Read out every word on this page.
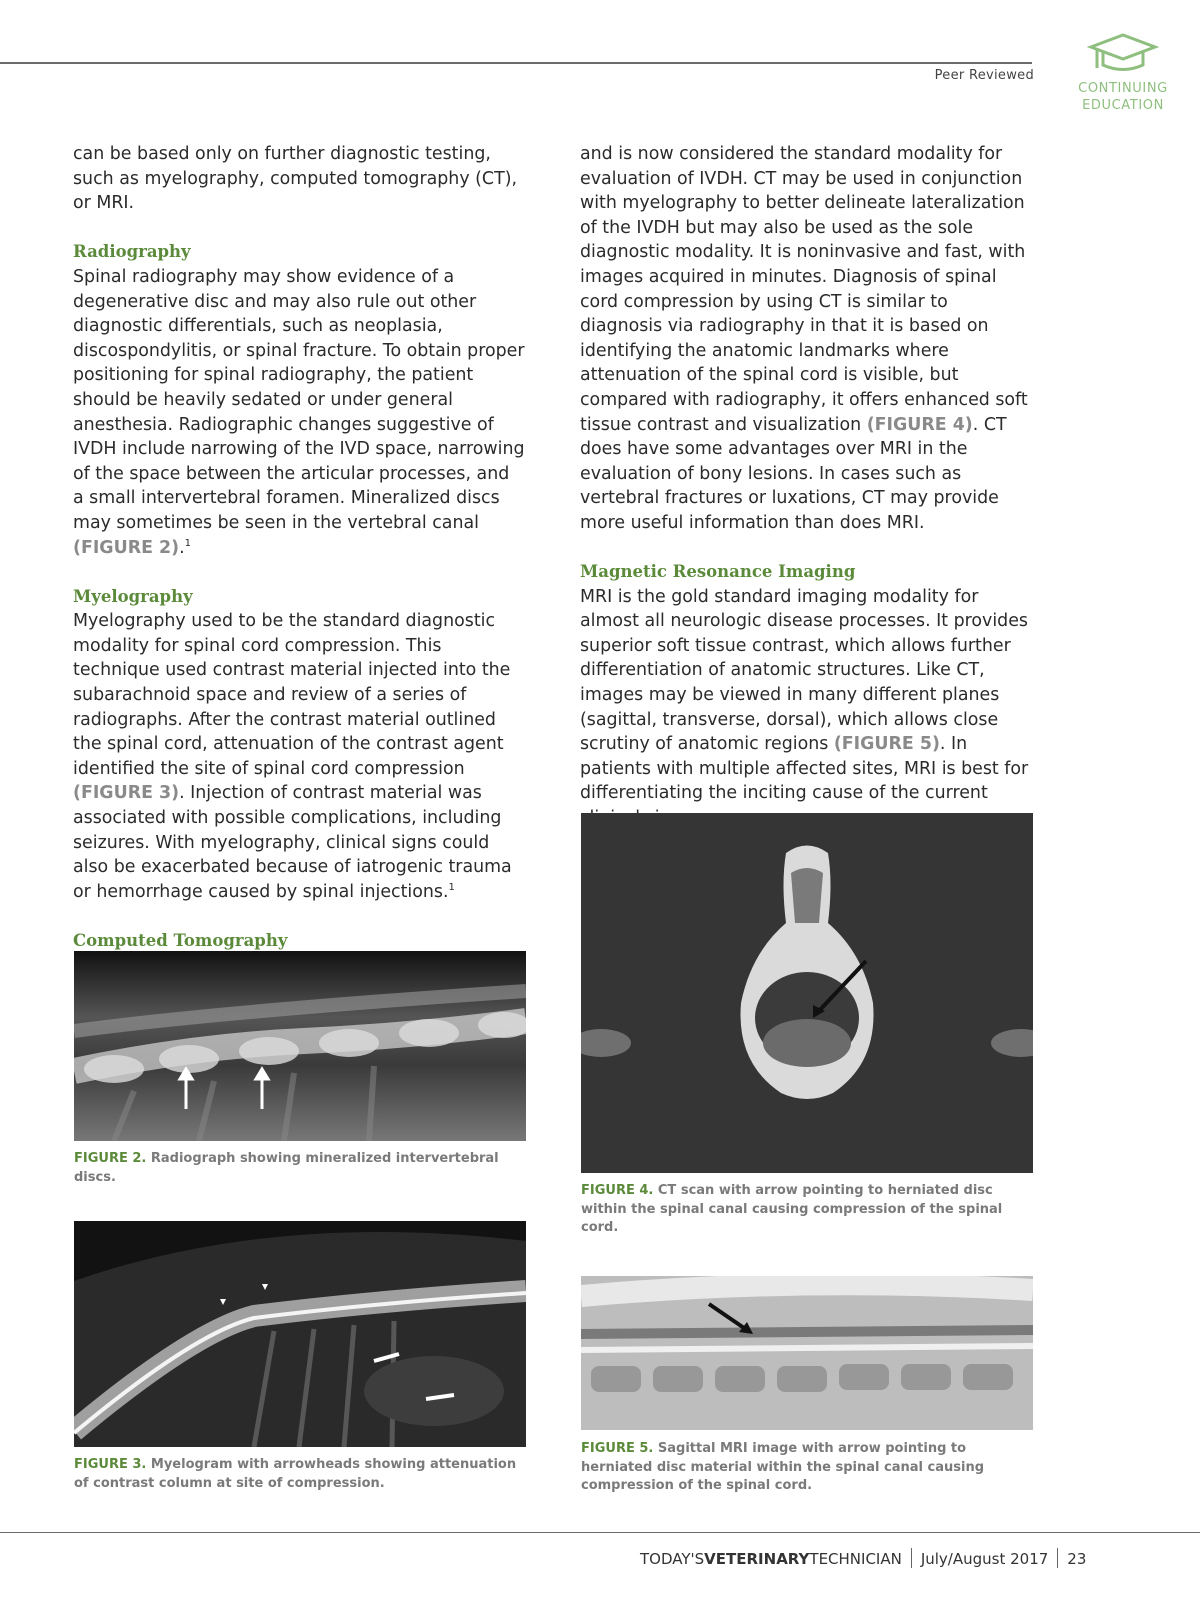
Peer Reviewed
CONTINUING
EDUCATION

can be based only on further diagnostic testing, such as myelography, computed tomography (CT), or MRI.

Radiography

Spinal radiography may show evidence of a degenerative disc and may also rule out other diagnostic differentials, such as neoplasia, discospondylitis, or spinal fracture. To obtain proper positioning for spinal radiography, the patient should be heavily sedated or under general anesthesia. Radiographic changes suggestive of IVDH include narrowing of the IVD space, narrowing of the space between the articular processes, and a small intervertebral foramen. Mineralized discs may sometimes be seen in the vertebral canal (FIGURE 2).$^1$

Myelography

Myelography used to be the standard diagnostic modality for spinal cord compression. This technique used contrast material injected into the subarachnoid space and review of a series of radiographs. After the contrast material outlined the spinal cord, attenuation of the contrast agent identified the site of spinal cord compression (FIGURE 3). Injection of contrast material was associated with possible complications, including seizures. With myelography, clinical signs could also be exacerbated because of iatrogenic trauma or hemorrhage caused by spinal injections.$^1$

Computed Tomography

and is now considered the standard modality for evaluation of IVDH. CT may be used in conjunction with myelography to better delineate lateralization of the IVDH but may also be used as the sole diagnostic modality. It is noninvasive and fast, with images acquired in minutes. Diagnosis of spinal cord compression by using CT is similar to diagnosis via radiography in that it is based on identifying the anatomic landmarks where attenuation of the spinal cord is visible, but compared with radiography, it offers enhanced soft tissue contrast and visualization (FIGURE 4). CT does have some advantages over MRI in the evaluation of bony lesions. In cases such as vertebral fractures or luxations, CT may provide more useful information than does MRI.

Magnetic Resonance Imaging

MRI is the gold standard imaging modality for almost all neurologic disease processes. It provides superior soft tissue contrast, which allows further differentiation of anatomic structures. Like CT, images may be viewed in many different planes (sagittal, transverse, dorsal), which allows close scrutiny of anatomic regions (FIGURE 5). In patients with multiple affected sites, MRI is best for differentiating the inciting cause of the current

FIGURE 2. Radiograph showing mineralized intervertebral discs.
FIGURE 3. Myelogram with arrowheads showing attenuation of contrast column at site of compression.
FIGURE 4. CT scan with arrow pointing to herniated disc within the spinal canal causing compression of the spinal cord.
FIGURE 5. Sagittal MRI image with arrow pointing to herniated disc material within the spinal canal causing compression of the spinal cord.
TODAY'SVETERINARYTECHNICIAN July/August 2017 23
